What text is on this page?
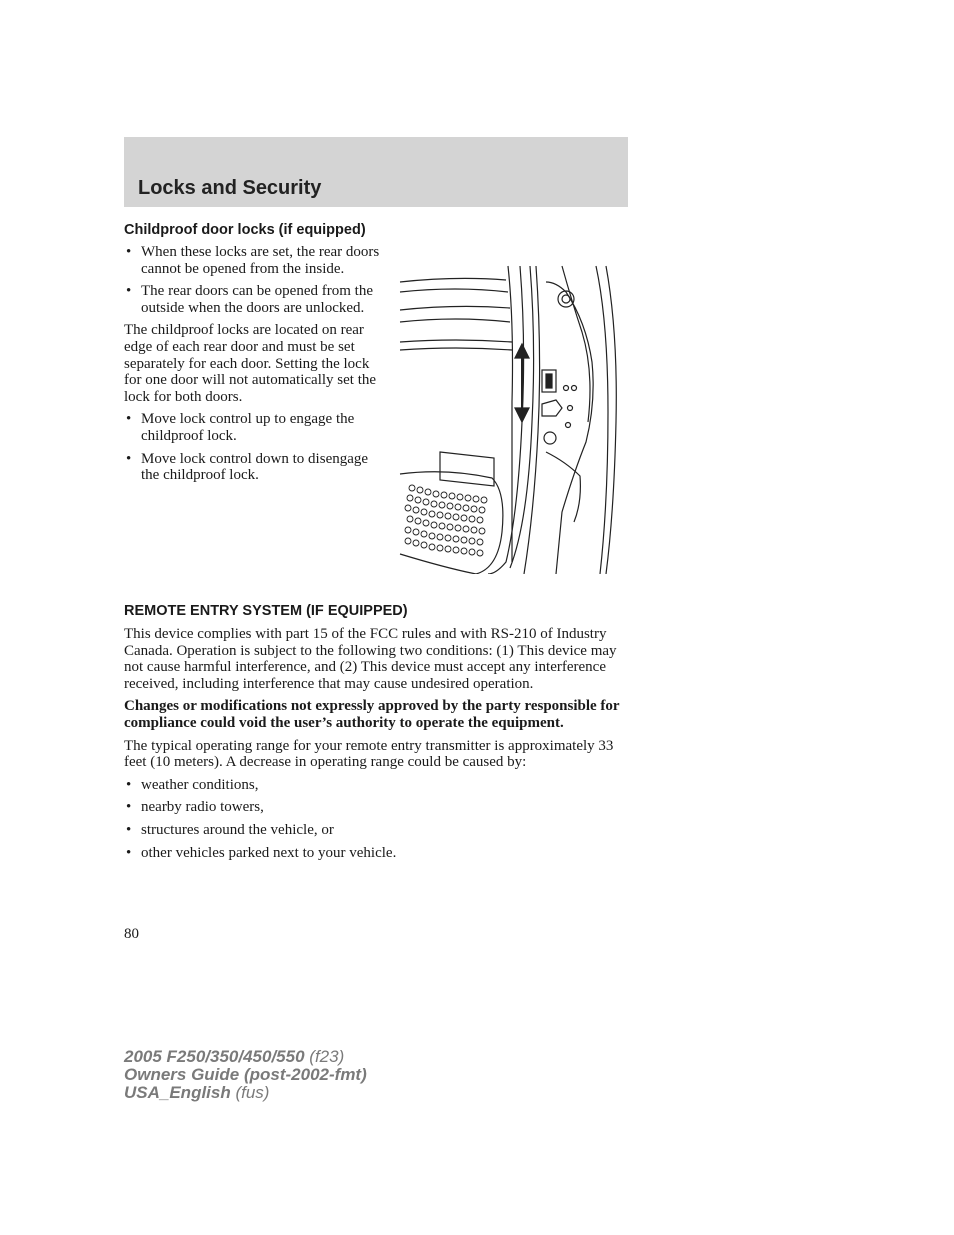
Locks and Security
Childproof door locks (if equipped)
• When these locks are set, the rear doors cannot be opened from the inside.
• The rear doors can be opened from the outside when the doors are unlocked.

The childproof locks are located on rear edge of each rear door and must be set separately for each door. Setting the lock for one door will not automatically set the lock for both doors.

• Move lock control up to engage the childproof lock.
• Move lock control down to disengage the childproof lock.
REMOTE ENTRY SYSTEM (IF EQUIPPED)

This device complies with part 15 of the FCC rules and with RS-210 of Industry Canada. Operation is subject to the following two conditions: (1) This device may not cause harmful interference, and (2) This device must accept any interference received, including interference that may cause undesired operation.

Changes or modifications not expressly approved by the party responsible for compliance could void the user’s authority to operate the equipment.

The typical operating range for your remote entry transmitter is approximately 33 feet (10 meters). A decrease in operating range could be caused by:

• weather conditions,
• nearby radio towers,
• structures around the vehicle, or
• other vehicles parked next to your vehicle.

80

2005 F250/350/450/550 (f23)
Owners Guide (post-2002-fmt)
USA_English (fus)
